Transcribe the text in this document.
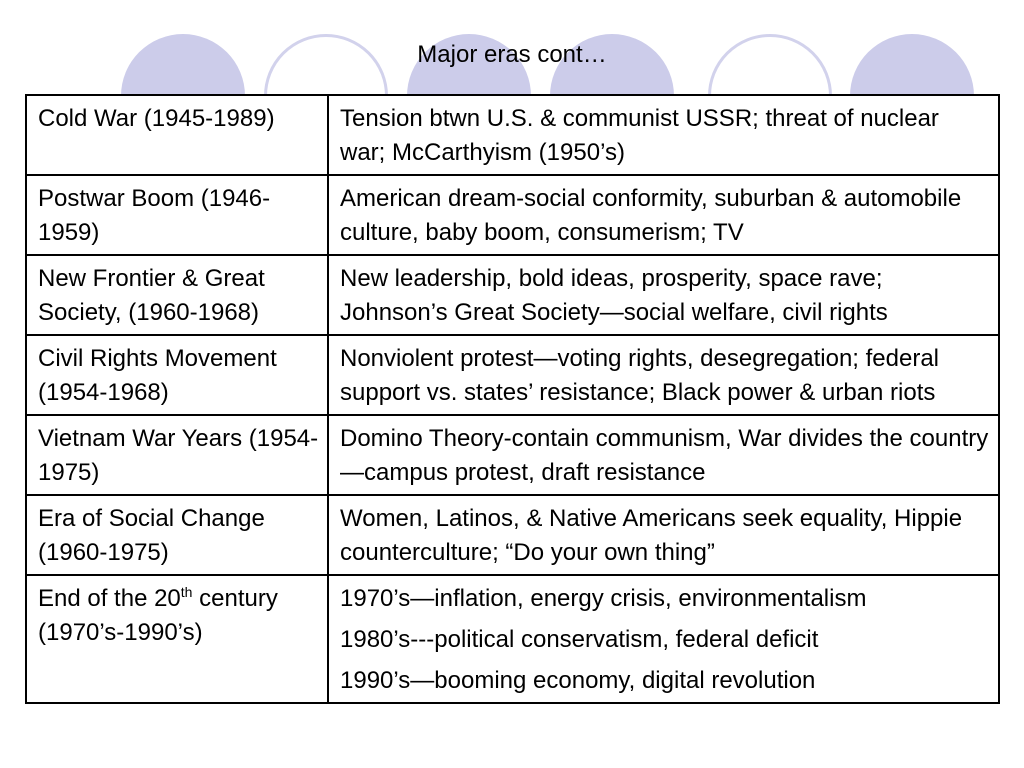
Major eras cont…
Cold War (1945-1989)	Tension btwn U.S. & communist USSR; threat of nuclear war; McCarthyism (1950’s)
Postwar Boom (1946-1959)	American dream-social conformity, suburban & automobile culture, baby boom, consumerism; TV
New Frontier & Great Society, (1960-1968)	New leadership, bold ideas, prosperity, space rave; Johnson’s Great Society—social welfare, civil rights
Civil Rights Movement (1954-1968)	Nonviolent protest—voting rights, desegregation; federal support vs. states’ resistance; Black power & urban riots
Vietnam War Years (1954-1975)	Domino Theory-contain communism, War divides the country—campus protest, draft resistance
Era of Social Change (1960-1975)	Women, Latinos, & Native Americans seek equality, Hippie counterculture; “Do your own thing”
End of the 20th century (1970’s-1990’s)	1970’s—inflation, energy crisis, environmentalism
1980’s---political conservatism, federal deficit
1990’s—booming economy, digital revolution
